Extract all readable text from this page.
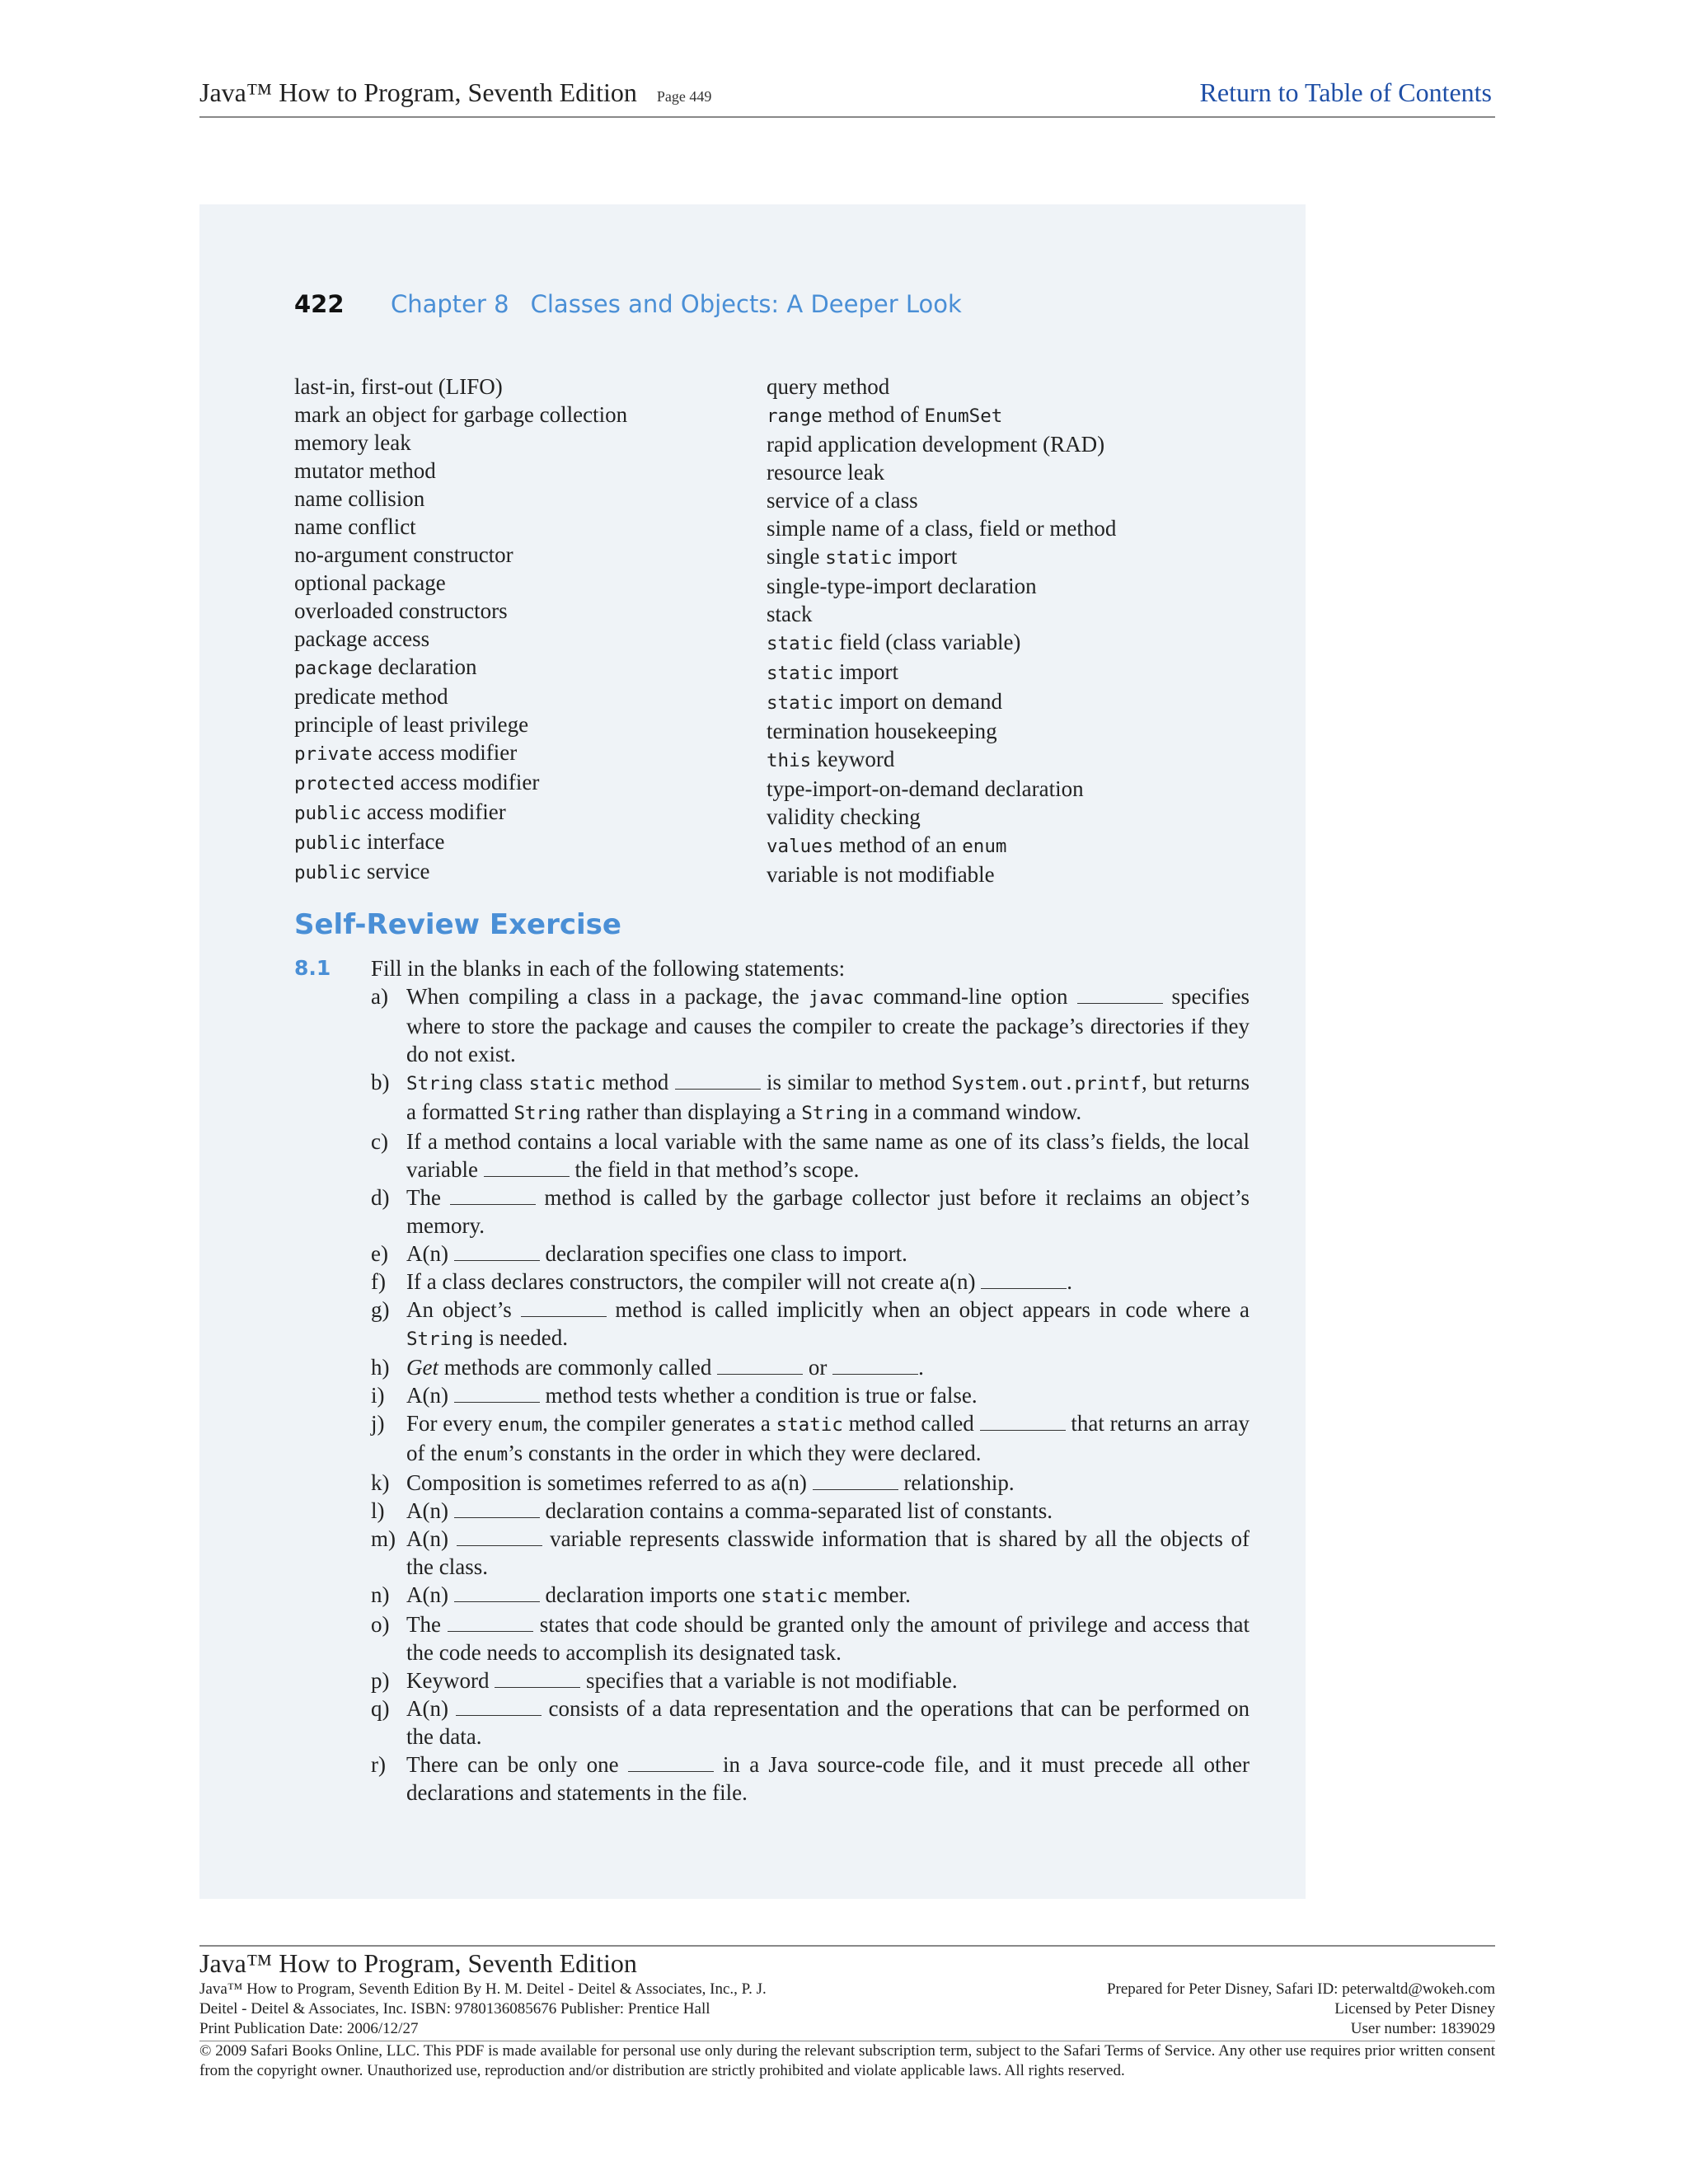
Java™ How to Program, Seventh Edition Page 449	Return to Table of Contents
422 Chapter 8 Classes and Objects: A Deeper Look
last-in, first-out (LIFO)
mark an object for garbage collection
memory leak
mutator method
name collision
name conflict
no-argument constructor
optional package
overloaded constructors
package access
package declaration
predicate method
principle of least privilege
private access modifier
protected access modifier
public access modifier
public interface
public service
query method
range method of EnumSet
rapid application development (RAD)
resource leak
service of a class
simple name of a class, field or method
single static import
single-type-import declaration
stack
static field (class variable)
static import
static import on demand
termination housekeeping
this keyword
type-import-on-demand declaration
validity checking
values method of an enum
variable is not modifiable
Self-Review Exercise
8.1 Fill in the blanks in each of the following statements:
a) When compiling a class in a package, the javac command-line option	specifies where to store the package and causes the compiler to create the package’s directories if they do not exist.
b) String class static method	is similar to method System.out.printf, but returns a formatted String rather than displaying a String in a command window.
c) If a method contains a local variable with the same name as one of its class’s fields, the local variable	the field in that method’s scope.
d) The	method is called by the garbage collector just before it reclaims an object’s memory.
e) A(n)	declaration specifies one class to import.
f) If a class declares constructors, the compiler will not create a(n)	.
g) An object’s	method is called implicitly when an object appears in code where a String is needed.
h) Get methods are commonly called	or	.
i) A(n)	method tests whether a condition is true or false.
j) For every enum, the compiler generates a static method called	that returns an array of the enum’s constants in the order in which they were declared.
k) Composition is sometimes referred to as a(n)	relationship.
l) A(n)	declaration contains a comma-separated list of constants.
m) A(n)	variable represents classwide information that is shared by all the objects of the class.
n) A(n)	declaration imports one static member.
o) The	states that code should be granted only the amount of privilege and access that the code needs to accomplish its designated task.
p) Keyword	specifies that a variable is not modifiable.
q) A(n)	consists of a data representation and the operations that can be performed on the data.
r) There can be only one	in a Java source-code file, and it must precede all other declarations and statements in the file.
Java™ How to Program, Seventh Edition
Java™ How to Program, Seventh Edition By H. M. Deitel - Deitel & Associates, Inc., P. J.
Deitel - Deitel & Associates, Inc. ISBN: 9780136085676 Publisher: Prentice Hall
Print Publication Date: 2006/12/27
Prepared for Peter Disney, Safari ID: peterwaltd@wokeh.com
Licensed by Peter Disney
User number: 1839029
© 2009 Safari Books Online, LLC. This PDF is made available for personal use only during the relevant subscription term, subject to the Safari Terms of Service. Any other use requires prior written consent from the copyright owner. Unauthorized use, reproduction and/or distribution are strictly prohibited and violate applicable laws. All rights reserved.
